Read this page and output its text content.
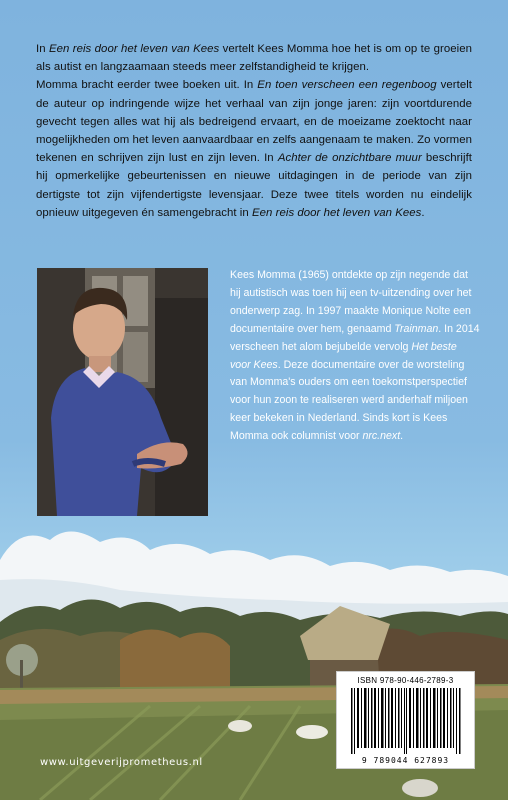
In Een reis door het leven van Kees vertelt Kees Momma hoe het is om op te groeien als autist en langzaamaan steeds meer zelfstandigheid te krijgen.

Momma bracht eerder twee boeken uit. In En toen verscheen een regenboog vertelt de auteur op indringende wijze het verhaal van zijn jonge jaren: zijn voortdurende gevecht tegen alles wat hij als bedreigend ervaart, en de moeizame zoektocht naar mogelijkheden om het leven aanvaardbaar en zelfs aangenaam te maken. Zo vormen tekenen en schrijven zijn lust en zijn leven. In Achter de onzichtbare muur beschrijft hij opmerkelijke gebeurtenissen en nieuwe uitdagingen in de periode van zijn dertigste tot zijn vijfendertigste levensjaar. Deze twee titels worden nu eindelijk opnieuw uitgegeven én samengebracht in Een reis door het leven van Kees.

Kees Momma (1965) ontdekte op zijn negende dat hij autistisch was toen hij een tv-uitzending over het onderwerp zag. In 1997 maakte Monique Nolte een documentaire over hem, genaamd Trainman. In 2014 verscheen het alom bejubelde vervolg Het beste voor Kees. Deze documentaire over de worsteling van Momma's ouders om een toekomstperspectief voor hun zoon te realiseren werd anderhalf miljoen keer bekeken in Nederland. Sinds kort is Kees Momma ook columnist voor nrc.next.
ISBN 978-90-446-2789-3
9 789044 627893
www.uitgeverijprometheus.nl
